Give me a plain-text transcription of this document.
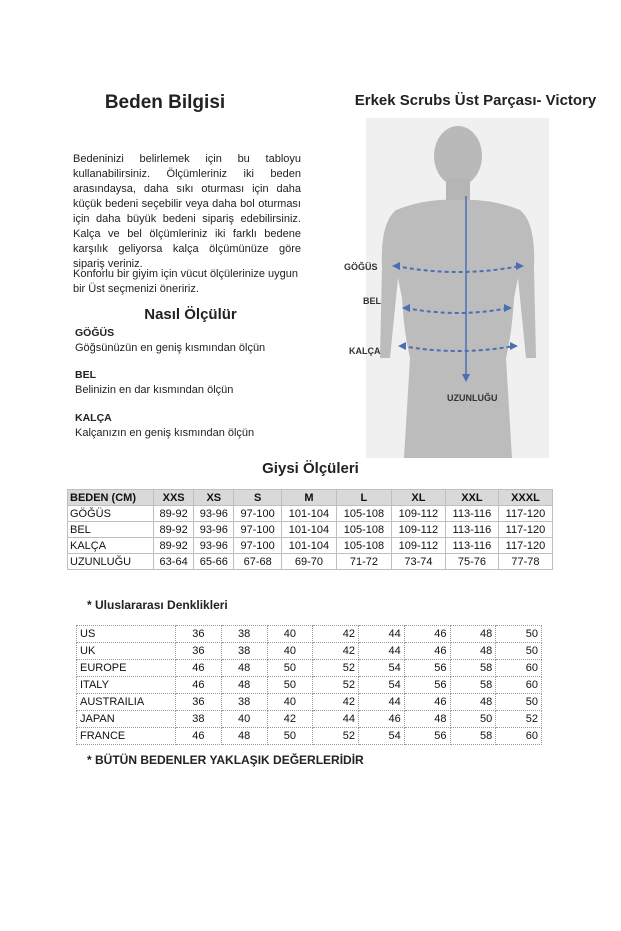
Beden Bilgisi	Erkek Scrubs Üst Parçası- Victory
Bedeninizi belirlemek için bu tabloyu kullanabilirsiniz. Ölçümleriniz iki beden arasındaysa, daha sıkı oturması için daha küçük bedeni seçebilir veya daha bol oturması için daha büyük bedeni sipariş edebilirsiniz. Kalça ve bel ölçümleriniz iki farklı bedene karşılık geliyorsa kalça ölçümünüze göre sipariş veriniz.
Konforlu bir giyim için vücut ölçülerinize uygun bir Üst seçmenizi öneririz.
Nasıl Ölçülür
GÖĞÜS
Göğsünüzün en geniş kısmından ölçün
BEL
Belinizin en dar kısmından ölçün
KALÇA
Kalçanızın en geniş kısmından ölçün
GÖĞÜS
BEL
KALÇA
UZUNLUĞU
Giysi Ölçüleri
BEDEN (CM)	XXS	XS	S	M	L	XL	XXL	XXXL
GÖĞÜS	89-92	93-96	97-100	101-104	105-108	109-112	113-116	117-120
BEL	89-92	93-96	97-100	101-104	105-108	109-112	113-116	117-120
KALÇA	89-92	93-96	97-100	101-104	105-108	109-112	113-116	117-120
UZUNLUĞU	63-64	65-66	67-68	69-70	71-72	73-74	75-76	77-78
* Uluslararası Denklikleri
US	36	38	40	42	44	46	48	50
UK	36	38	40	42	44	46	48	50
EUROPE	46	48	50	52	54	56	58	60
ITALY	46	48	50	52	54	56	58	60
AUSTRAILIA	36	38	40	42	44	46	48	50
JAPAN	38	40	42	44	46	48	50	52
FRANCE	46	48	50	52	54	56	58	60
* BÜTÜN BEDENLER YAKLAŞIK DEĞERLERİDİR
